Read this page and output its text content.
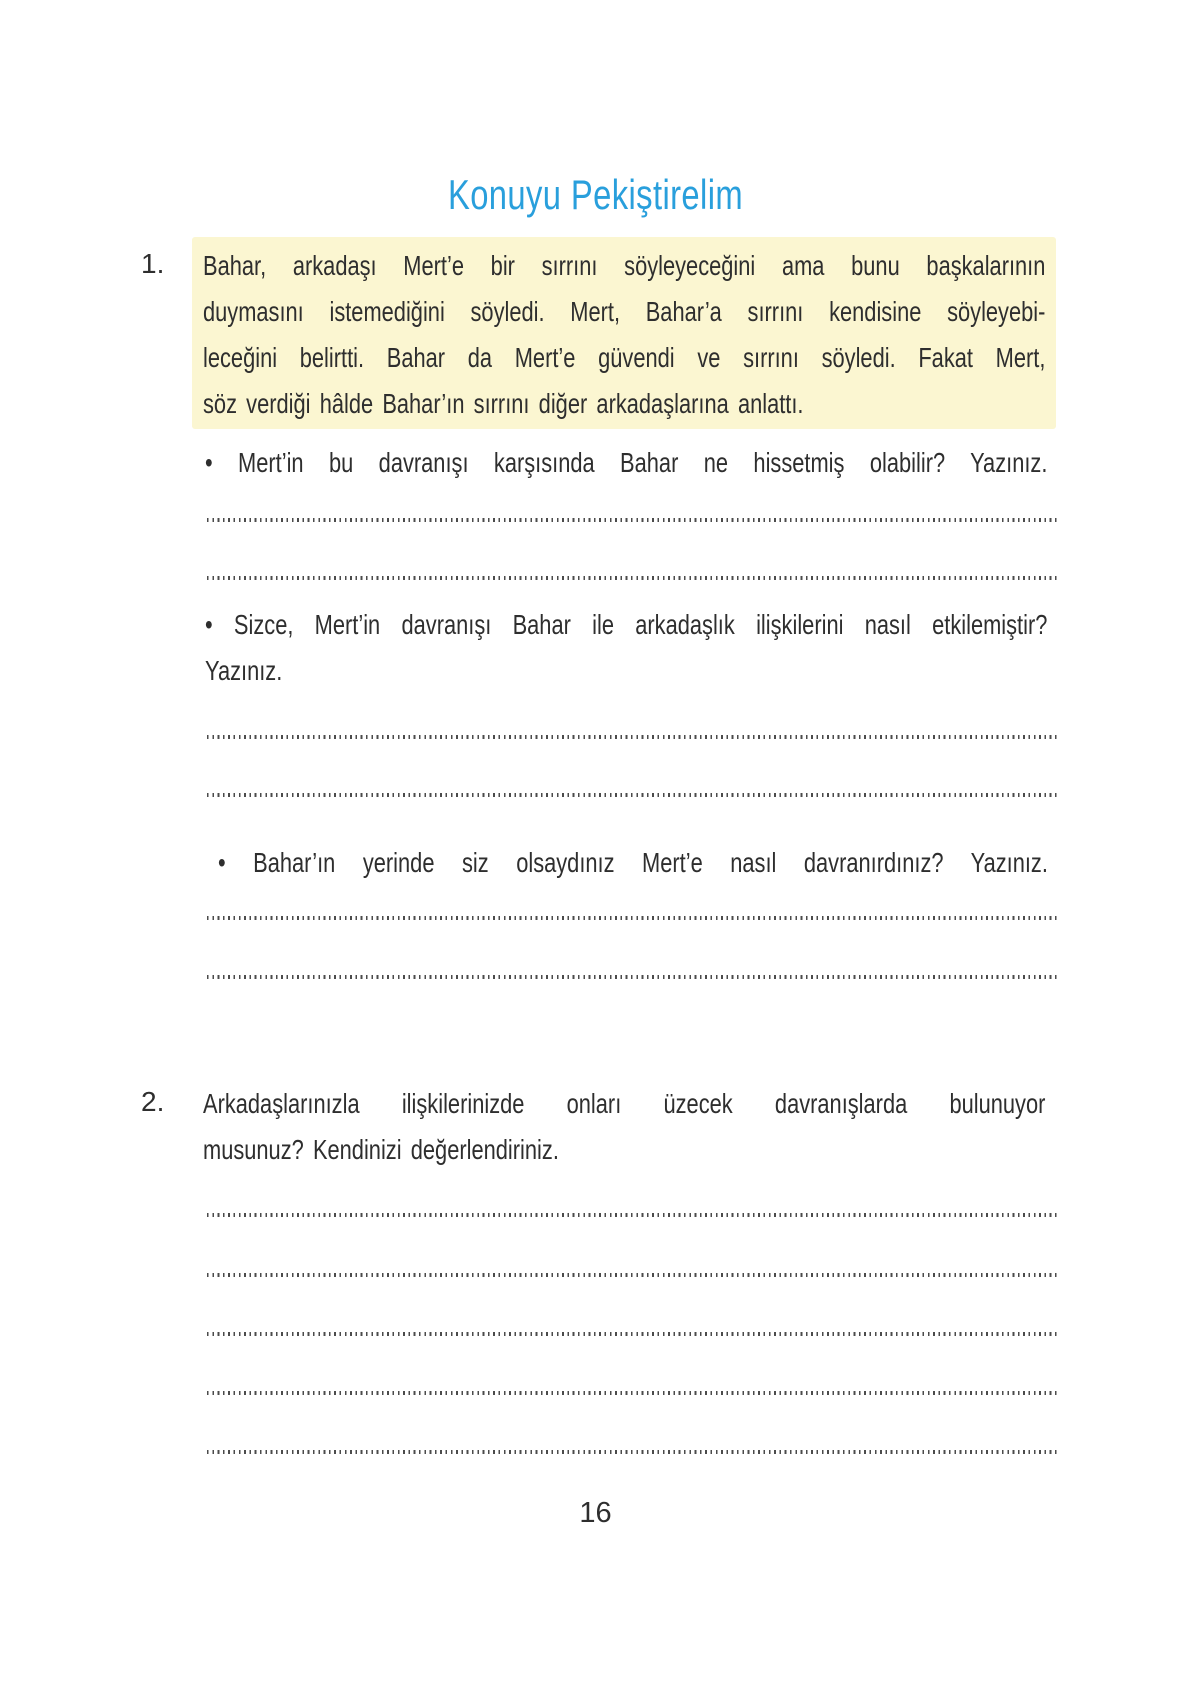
Konuyu Pekiştirelim
1. Bahar, arkadaşı Mert’e bir sırrını söyleyeceğini ama bunu başkalarının
duymasını istemediğini söyledi. Mert, Bahar’a sırrını kendisine söyleyebi-
leceğini belirtti. Bahar da Mert’e güvendi ve sırrını söyledi. Fakat Mert,
söz verdiği hâlde Bahar’ın sırrını diğer arkadaşlarına anlattı.
• Mert’in bu davranışı karşısında Bahar ne hissetmiş olabilir? Yazınız.
• Sizce, Mert’in davranışı Bahar ile arkadaşlık ilişkilerini nasıl etkilemiştir?
Yazınız.
• Bahar’ın yerinde siz olsaydınız Mert’e nasıl davranırdınız? Yazınız.
2. Arkadaşlarınızla ilişkilerinizde onları üzecek davranışlarda bulunuyor
musunuz? Kendinizi değerlendiriniz.
16
